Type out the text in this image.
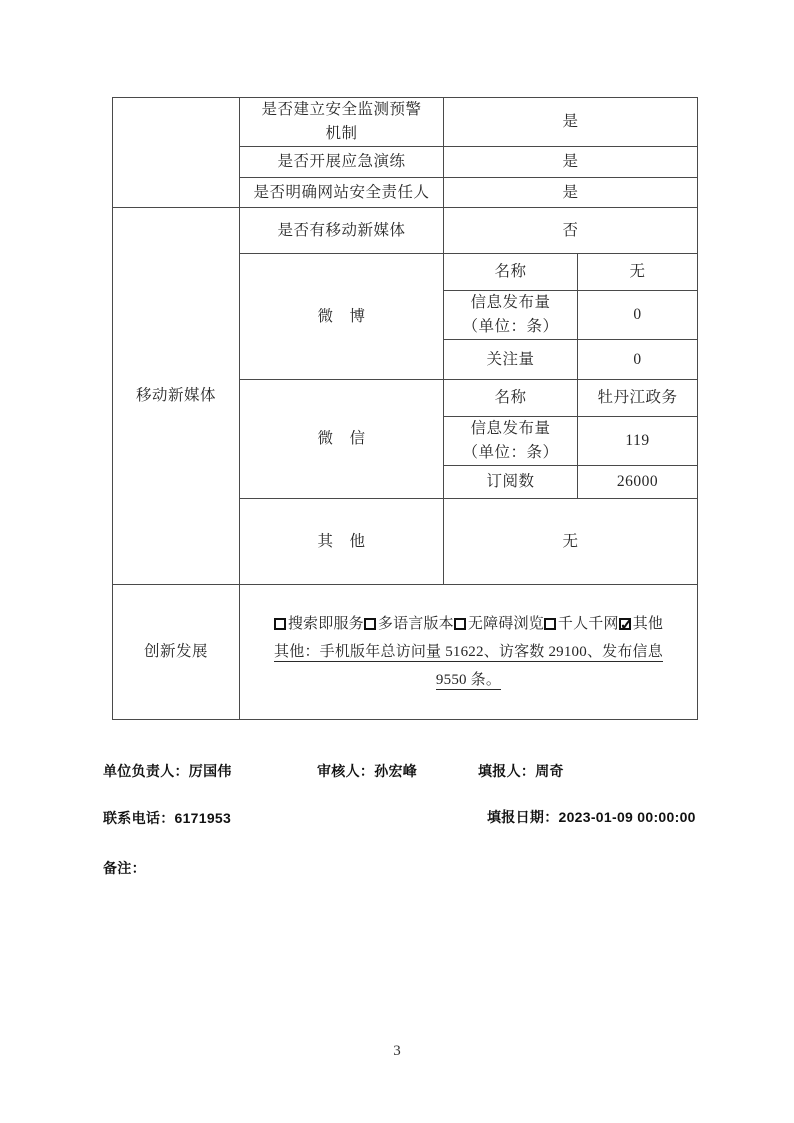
	是否建立安全监测预警
机制	是	
	是否开展应急演练	是	
	是否明确网站安全责任人	是	
移动新媒体	是否有移动新媒体	否	
	微　博	名称	无

		信息发布量
（单位：条）	0
		关注量	0
	微　信	名称	牡丹江政务

		信息发布量
（单位：条）	119
		订阅数	26000
	其　他	无	
创新发展	搜索即服务 多语言版本 无障碍浏览 千人千网 ✓ 其他
其他：手机版年总访问量 51622、访客数 29100、发布信息
9550 条。
单位负责人：厉国伟	审核人：孙宏峰	填报人：周奇
联系电话：6171953	填报日期：2023-01-09 00:00:00
备注：
3
